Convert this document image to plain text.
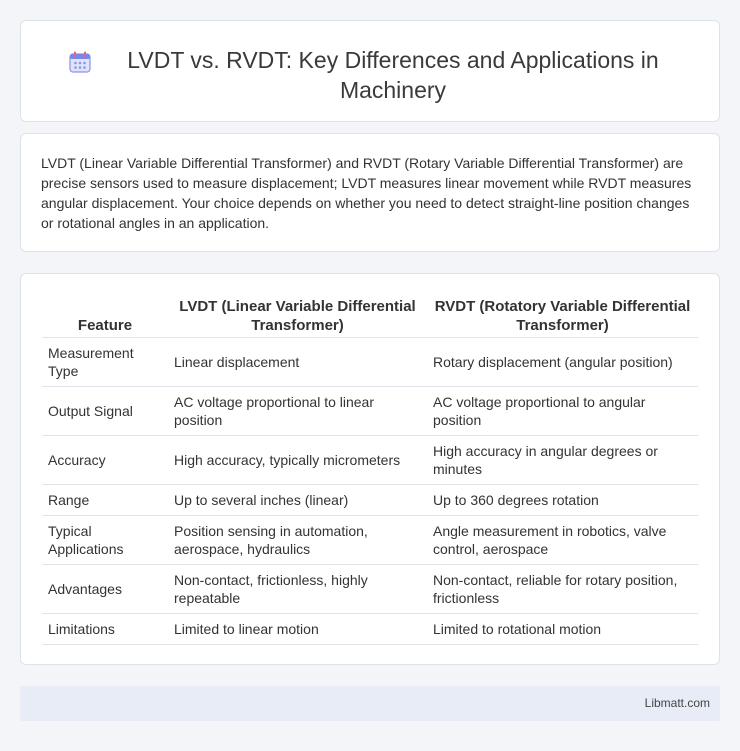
LVDT vs. RVDT: Key Differences and Applications in Machinery

LVDT (Linear Variable Differential Transformer) and RVDT (Rotary Variable Differential Transformer) are precise sensors used to measure displacement; LVDT measures linear movement while RVDT measures angular displacement. Your choice depends on whether you need to detect straight-line position changes or rotational angles in an application.

Feature	LVDT (Linear Variable Differential Transformer)	RVDT (Rotatory Variable Differential Transformer)
Measurement Type	Linear displacement	Rotary displacement (angular position)
Output Signal	AC voltage proportional to linear position	AC voltage proportional to angular position
Accuracy	High accuracy, typically micrometers	High accuracy in angular degrees or minutes
Range	Up to several inches (linear)	Up to 360 degrees rotation
Typical Applications	Position sensing in automation, aerospace, hydraulics	Angle measurement in robotics, valve control, aerospace
Advantages	Non-contact, frictionless, highly repeatable	Non-contact, reliable for rotary position, frictionless
Limitations	Limited to linear motion	Limited to rotational motion
Libmatt.com
